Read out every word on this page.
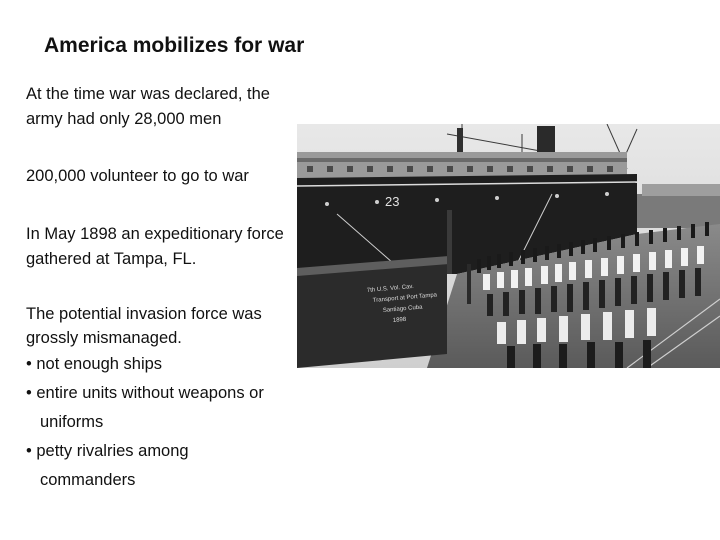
America mobilizes for war
At the time war was declared, the army had only 28,000 men
200,000 volunteer to go to war
In May 1898 an expeditionary force gathered at Tampa, FL.
The potential invasion force was grossly mismanaged.
• not enough ships
• entire units without weapons or uniforms
• petty rivalries among commanders
23
7th U.S. Vol. Cav.
Transport at Port Tampa
Santiago Cuba
1898
